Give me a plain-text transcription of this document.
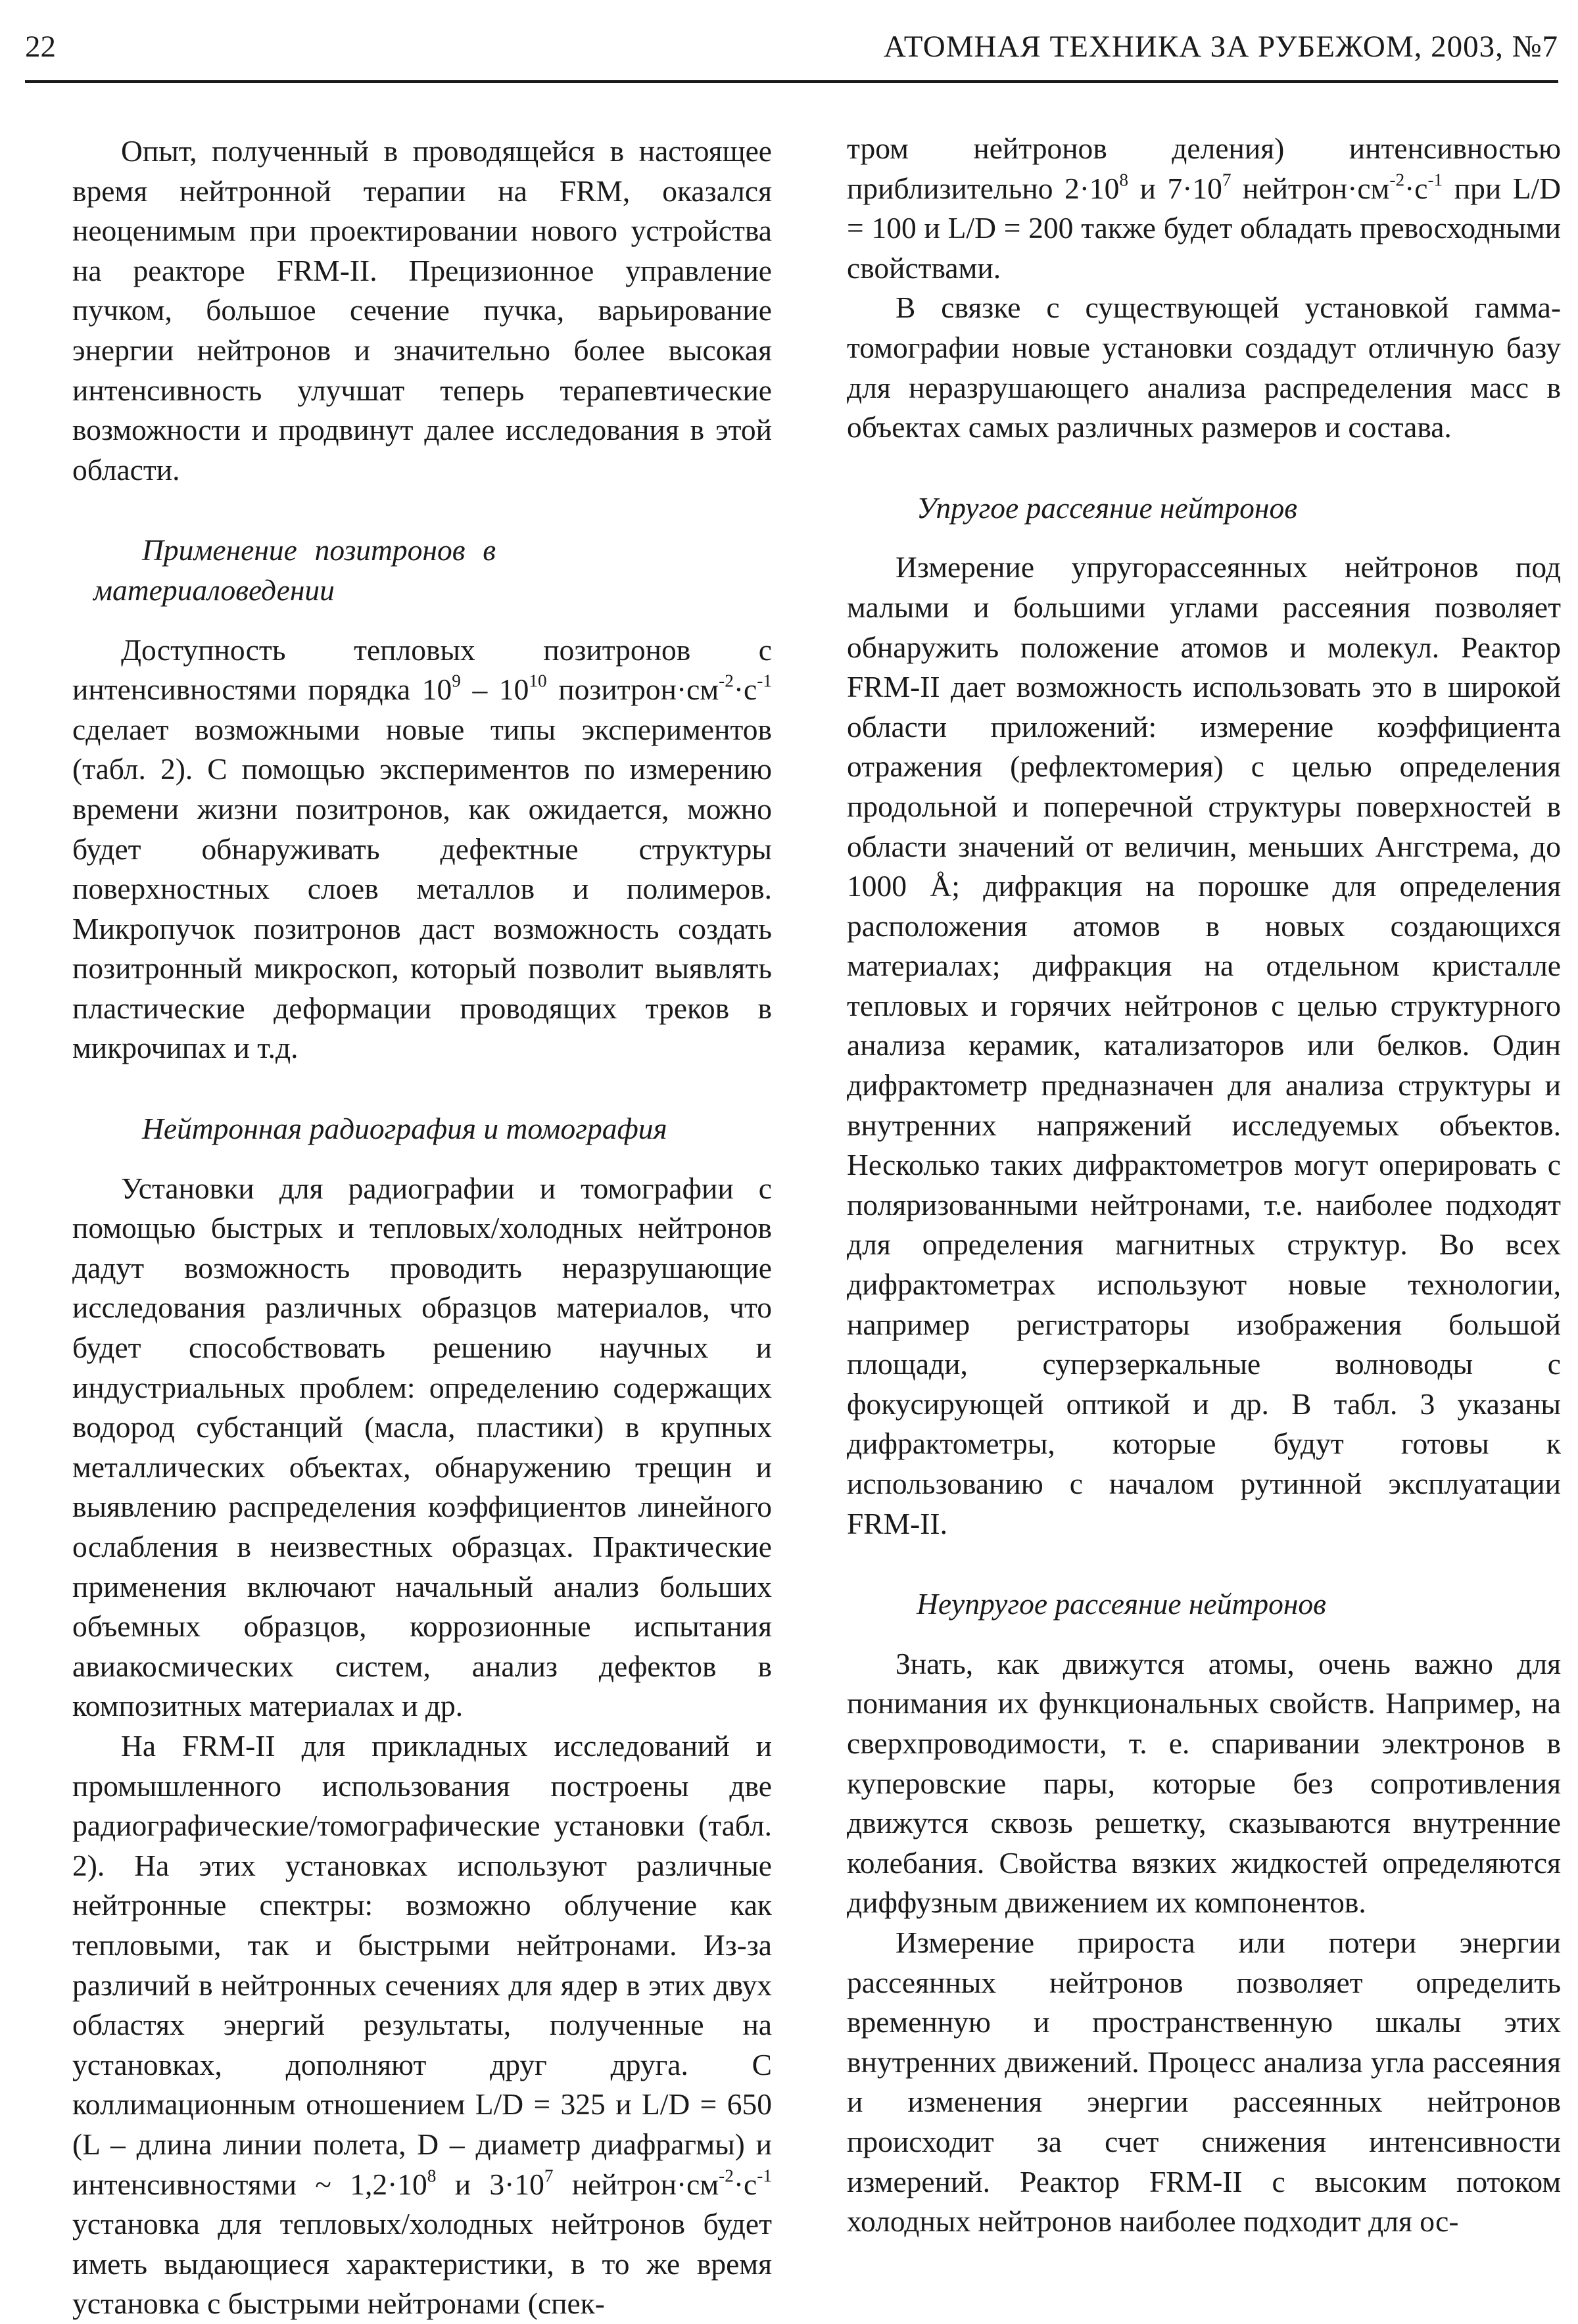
22	АТОМНАЯ ТЕХНИКА ЗА РУБЕЖОМ, 2003, №7

Опыт, полученный в проводящейся в настоящее время нейтронной терапии на FRM, оказался неоценимым при проектировании нового устройства на реакторе FRM-II. Прецизионное управление пучком, большое сечение пучка, варьирование энергии нейтронов и значительно более высокая интенсивность улучшат теперь терапевтические возможности и продвинут далее исследования в этой области.

Применение позитронов в материаловедении

Доступность тепловых позитронов с интенсивностями порядка $10^9 - 10^{10}$ $позитрон\cdot см^{-2}\cdot с^{-1}$ сделает возможными новые типы экспериментов (табл. 2). С помощью экспериментов по измерению времени жизни позитронов, как ожидается, можно будет обнаруживать дефектные структуры поверхностных слоев металлов и полимеров. Микропучок позитронов даст возможность создать позитронный микроскоп, который позволит выявлять пластические деформации проводящих треков в микрочипах и т.д.

Нейтронная радиография и томография

Установки для радиографии и томографии с помощью быстрых и тепловых/холодных нейтронов дадут возможность проводить неразрушающие исследования различных образцов материалов, что будет способствовать решению научных и индустриальных проблем: определению содержащих водород субстанций (масла, пластики) в крупных металлических объектах, обнаружению трещин и выявлению распределения коэффициентов линейного ослабления в неизвестных образцах. Практические применения включают начальный анализ больших объемных образцов, коррозионные испытания авиакосмических систем, анализ дефектов в композитных материалах и др.

На FRM-II для прикладных исследований и промышленного использования построены две радиографические/томографические установки (табл. 2). На этих установках используют различные нейтронные спектры: возможно облучение как тепловыми, так и быстрыми нейтронами. Из-за различий в нейтронных сечениях для ядер в этих двух областях энергий результаты, полученные на установках, дополняют друг друга. С коллимационным отношением L/D = 325 и L/D = 650 (L – длина линии полета, D – диаметр диафрагмы) и интенсивностями ~ $1,2\cdot 10^8$ и $3\cdot 10^7$ $нейтрон\cdot см^{-2}\cdot с^{-1}$ установка для тепловых/холодных нейтронов будет иметь выдающиеся характеристики, в то же время установка с быстрыми нейтронами (спек-

тром нейтронов деления) интенсивностью приблизительно $2\cdot 10^8$ и $7\cdot 10^7$ $нейтрон\cdot см^{-2}\cdot с^{-1}$ при L/D = 100 и L/D = 200 также будет обладать превосходными свойствами.

В связке с существующей установкой гамма-томографии новые установки создадут отличную базу для неразрушающего анализа распределения масс в объектах самых различных размеров и состава.

Упругое рассеяние нейтронов

Измерение упругорассеянных нейтронов под малыми и большими углами рассеяния позволяет обнаружить положение атомов и молекул. Реактор FRM-II дает возможность использовать это в широкой области приложений: измерение коэффициента отражения (рефлектомерия) с целью определения продольной и поперечной структуры поверхностей в области значений от величин, меньших Ангстрема, до 1000 Å; дифракция на порошке для определения расположения атомов в новых создающихся материалах; дифракция на отдельном кристалле тепловых и горячих нейтронов с целью структурного анализа керамик, катализаторов или белков. Один дифрактометр предназначен для анализа структуры и внутренних напряжений исследуемых объектов. Несколько таких дифрактометров могут оперировать с поляризованными нейтронами, т.е. наиболее подходят для определения магнитных структур. Во всех дифрактометрах используют новые технологии, например регистраторы изображения большой площади, суперзеркальные волноводы с фокусирующей оптикой и др. В табл. 3 указаны дифрактометры, которые будут готовы к использованию с началом рутинной эксплуатации FRM-II.

Неупругое рассеяние нейтронов

Знать, как движутся атомы, очень важно для понимания их функциональных свойств. Например, на сверхпроводимости, т. е. спаривании электронов в куперовские пары, которые без сопротивления движутся сквозь решетку, сказываются внутренние колебания. Свойства вязких жидкостей определяются диффузным движением их компонентов.

Измерение прироста или потери энергии рассеянных нейтронов позволяет определить временную и пространственную шкалы этих внутренних движений. Процесс анализа угла рассеяния и изменения энергии рассеянных нейтронов происходит за счет снижения интенсивности измерений. Реактор FRM-II с высоким потоком холодных нейтронов наиболее подходит для ос-
